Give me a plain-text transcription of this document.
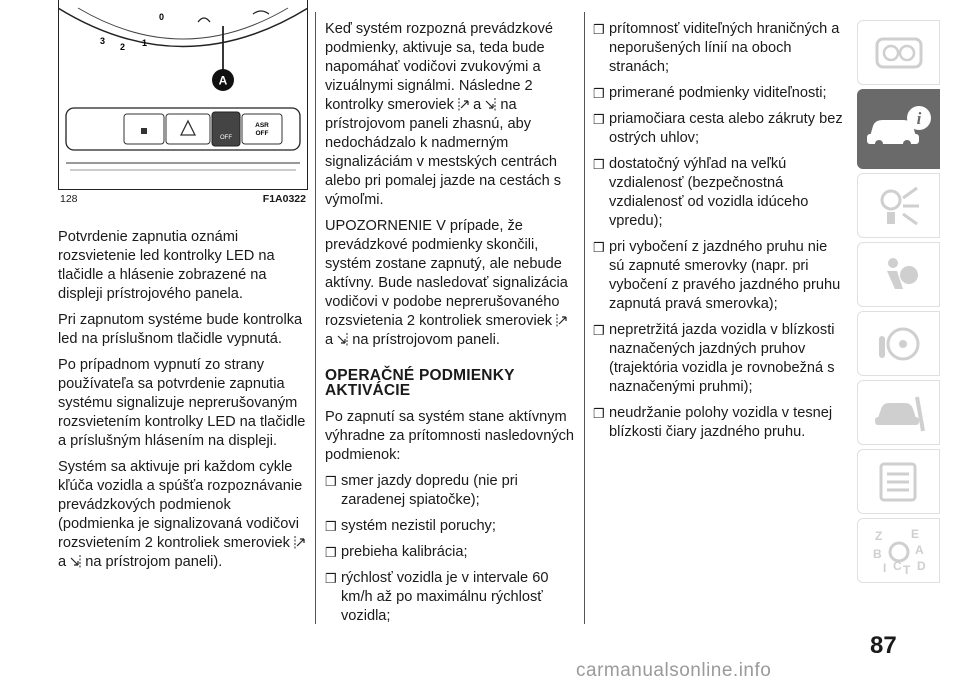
3
2 1
0
A
OFF
ASR
OFF
128	F1A0322

Potvrdenie zapnutia oznámi rozsvietenie led kontrolky LED na tlačidle a hlásenie zobrazené na displeji prístrojového panela.

Pri zapnutom systéme bude kontrolka led na príslušnom tlačidle vypnutá.

Po prípadnom vypnutí zo strany používateľa sa potvrdenie zapnutia systému signalizuje neprerušovaným rozsvietením kontrolky LED na tlačidle a príslušným hlásením na displeji.

Systém sa aktivuje pri každom cykle kľúča vozidla a spúšťa rozpoznávanie prevádzkových podmienok (podmienka je signalizovaná vodičovi rozsvietením 2 kontroliek smeroviek  a na prístrojom paneli).

Keď systém rozpozná prevádzkové podmienky, aktivuje sa, teda bude napomáhať vodičovi zvukovými a vizuálnymi signálmi. Následne 2 kontrolky smeroviek a na prístrojovom paneli zhasnú, aby nedochádzalo k nadmerným signalizáciám v mestských centrách alebo pri pomalej jazde na cestách s výmoľmi.

UPOZORNENIE V prípade, že prevádzkové podmienky skončili, systém zostane zapnutý, ale nebude aktívny. Bude nasledovať signalizácia vodičovi v podobe neprerušovaného rozsvietenia 2 kontroliek smeroviek  a na prístrojovom paneli.

OPERAČNÉ PODMIENKY AKTIVÁCIE

Po zapnutí sa systém stane aktívnym výhradne za prítomnosti nasledovných podmienok:

❒ smer jazdy dopredu (nie pri zaradenej spiatočke);
❒ systém nezistil poruchy;
❒ prebieha kalibrácia;
❒ rýchlosť vozidla je v intervale 60 km/h až po maximálnu rýchlosť vozidla;
❒ prítomnosť viditeľných hraničných a neporušených línií na oboch stranách;
❒ primerané podmienky viditeľnosti;
❒ priamočiara cesta alebo zákruty bez ostrých uhlov;
❒ dostatočný výhľad na veľkú vzdialenosť (bezpečnostná vzdialenosť od vozidla idúceho vpredu);
❒ pri vybočení z jazdného pruhu nie sú zapnuté smerovky (napr. pri vybočení z pravého jazdného pruhu zapnutá pravá smerovka);
❒ nepretržitá jazda vozidla v blízkosti naznačených jazdných pruhov (trajektória vozidla je rovnobežná s naznačenými pruhmi);
❒ neudržanie polohy vozidla v tesnej blízkosti čiary jazdného pruhu.
i
Z E
B	A
I C T D
87
carmanualsonline.info
